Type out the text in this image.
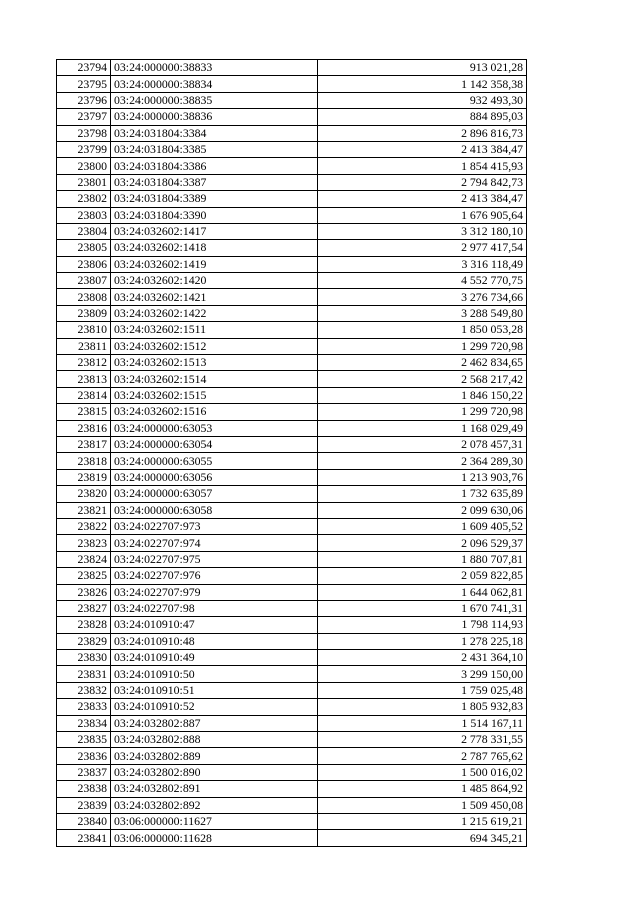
23794	03:24:000000:38833	913 021,28
23795	03:24:000000:38834	1 142 358,38
23796	03:24:000000:38835	932 493,30
23797	03:24:000000:38836	884 895,03
23798	03:24:031804:3384	2 896 816,73
23799	03:24:031804:3385	2 413 384,47
23800	03:24:031804:3386	1 854 415,93
23801	03:24:031804:3387	2 794 842,73
23802	03:24:031804:3389	2 413 384,47
23803	03:24:031804:3390	1 676 905,64
23804	03:24:032602:1417	3 312 180,10
23805	03:24:032602:1418	2 977 417,54
23806	03:24:032602:1419	3 316 118,49
23807	03:24:032602:1420	4 552 770,75
23808	03:24:032602:1421	3 276 734,66
23809	03:24:032602:1422	3 288 549,80
23810	03:24:032602:1511	1 850 053,28
23811	03:24:032602:1512	1 299 720,98
23812	03:24:032602:1513	2 462 834,65
23813	03:24:032602:1514	2 568 217,42
23814	03:24:032602:1515	1 846 150,22
23815	03:24:032602:1516	1 299 720,98
23816	03:24:000000:63053	1 168 029,49
23817	03:24:000000:63054	2 078 457,31
23818	03:24:000000:63055	2 364 289,30
23819	03:24:000000:63056	1 213 903,76
23820	03:24:000000:63057	1 732 635,89
23821	03:24:000000:63058	2 099 630,06
23822	03:24:022707:973	1 609 405,52
23823	03:24:022707:974	2 096 529,37
23824	03:24:022707:975	1 880 707,81
23825	03:24:022707:976	2 059 822,85
23826	03:24:022707:979	1 644 062,81
23827	03:24:022707:98	1 670 741,31
23828	03:24:010910:47	1 798 114,93
23829	03:24:010910:48	1 278 225,18
23830	03:24:010910:49	2 431 364,10
23831	03:24:010910:50	3 299 150,00
23832	03:24:010910:51	1 759 025,48
23833	03:24:010910:52	1 805 932,83
23834	03:24:032802:887	1 514 167,11
23835	03:24:032802:888	2 778 331,55
23836	03:24:032802:889	2 787 765,62
23837	03:24:032802:890	1 500 016,02
23838	03:24:032802:891	1 485 864,92
23839	03:24:032802:892	1 509 450,08
23840	03:06:000000:11627	1 215 619,21
23841	03:06:000000:11628	694 345,21
